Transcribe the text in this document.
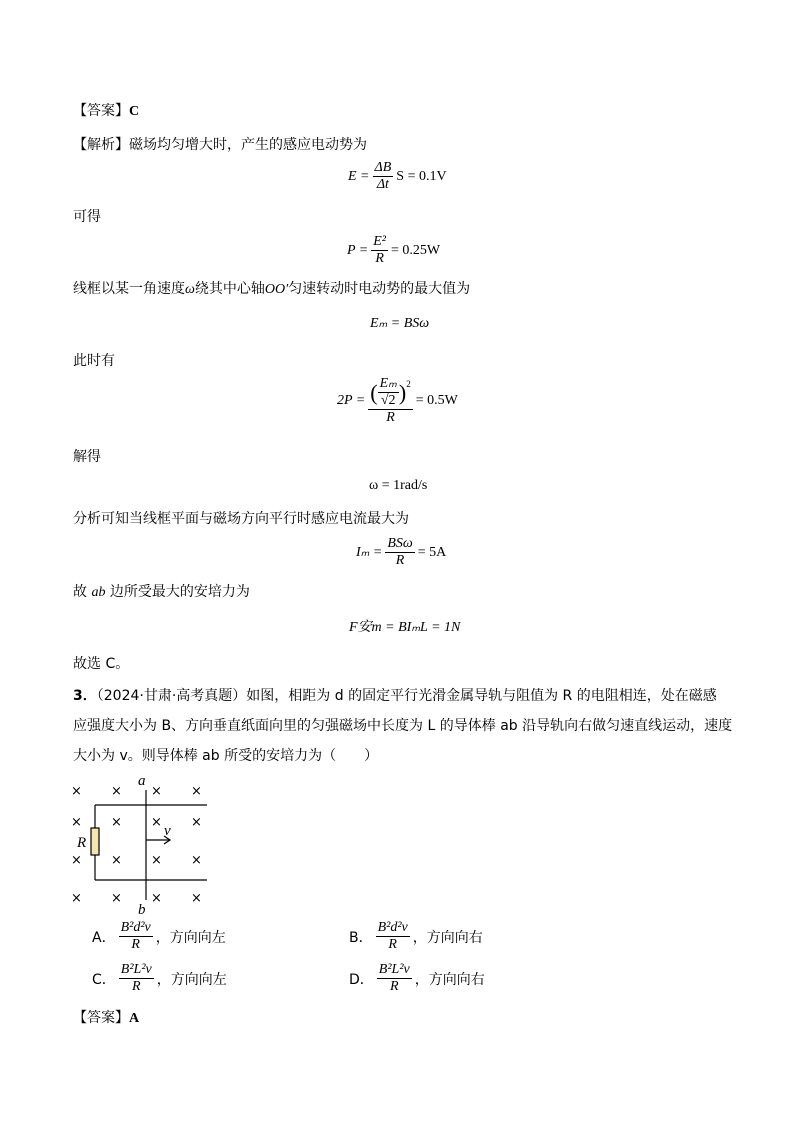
【答案】C
【解析】磁场均匀增大时，产生的感应电动势为
$E = \frac{\Delta B}{\Delta t}$ S = 0.1V
可得
$P = \frac{\text{E²}}{R} = 0.25W$
线框以某一角速度ω绕其中心轴OO′匀速转动时电动势的最大值为
Eₘ = BSω
此时有
$2P = \frac{( \frac{\text{Eₘ}}{√2} )^2}{R} = 0.5W$
解得
ω = 1rad/s
分析可知当线框平面与磁场方向平行时感应电流最大为
$I_m = \frac{\text{BSω}}{R} = 5A$
故 ab 边所受最大的安培力为
F安m = BIₘL = 1N
故选 C。
3．（2024·甘肃·高考真题）如图，相距为 d 的固定平行光滑金属导轨与阻值为 R 的电阻相连，处在磁感
应强度大小为 B、方向垂直纸面向里的匀强磁场中长度为 L 的导体棒 ab 沿导轨向右做匀速直线运动，速度
大小为 v。则导体棒 ab 所受的安培力为（　　）
× × × ×
× × × ×
× × × ×
× × × ×
a
b
R
v
A． $\frac{\text{B²d²v}}{R}$ ，方向向左	B． $\frac{\text{B²d²v}}{R}$ ，方向向右
C． $\frac{\text{B²L²v}}{R}$ ，方向向左	D． $\frac{\text{B²L²v}}{R}$ ，方向向右
【答案】A
